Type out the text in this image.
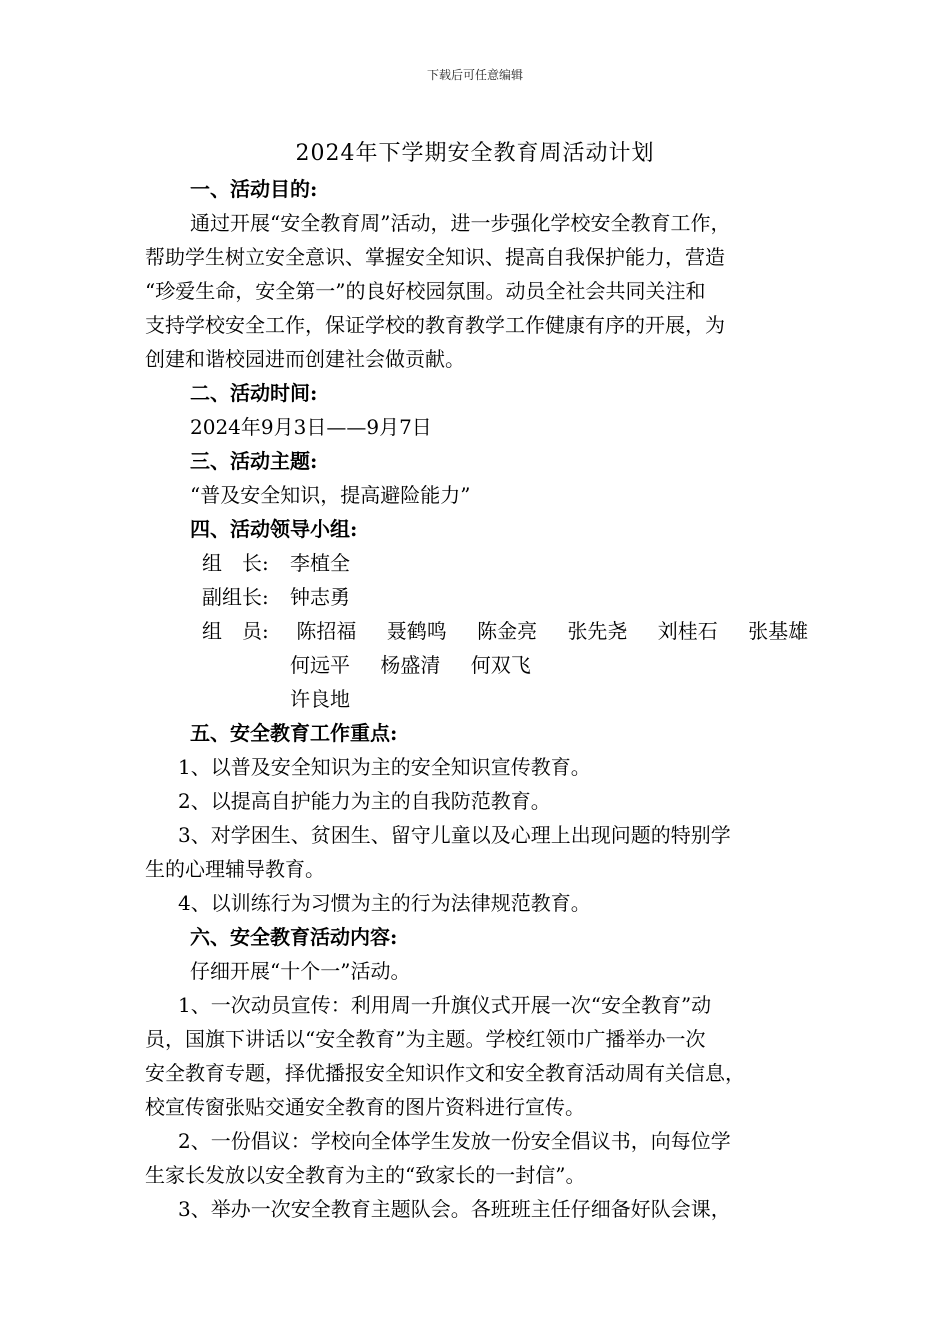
下载后可任意编辑
2024年下学期安全教育周活动计划
一、活动目的:
通过开展“安全教育周”活动，进一步强化学校安全教育工作，
帮助学生树立安全意识、掌握安全知识、提高自我保护能力，营造
“珍爱生命，安全第一”的良好校园氛围。动员全社会共同关注和
支持学校安全工作，保证学校的教育教学工作健康有序的开展，为
创建和谐校园进而创建社会做贡献。
二、活动时间:
2024年9月3日——9月7日
三、活动主题:
“普及安全知识，提高避险能力”
四、活动领导小组:
组　长: 李植全
副组长: 钟志勇
组　员: 陈招福 聂鹤鸣 陈金亮 张先尧 刘桂石 张基雄
何远平 杨盛清 何双飞
许良地
五、安全教育工作重点:
1、以普及安全知识为主的安全知识宣传教育。
2、以提高自护能力为主的自我防范教育。
3、对学困生、贫困生、留守儿童以及心理上出现问题的特别学
生的心理辅导教育。
4、以训练行为习惯为主的行为法律规范教育。
六、安全教育活动内容:
仔细开展“十个一”活动。
1、一次动员宣传：利用周一升旗仪式开展一次“安全教育”动
员，国旗下讲话以“安全教育”为主题。学校红领巾广播举办一次
安全教育专题，择优播报安全知识作文和安全教育活动周有关信息，
校宣传窗张贴交通安全教育的图片资料进行宣传。
2、一份倡议：学校向全体学生发放一份安全倡议书，向每位学
生家长发放以安全教育为主的“致家长的一封信”。
3、举办一次安全教育主题队会。各班班主任仔细备好队会课，
